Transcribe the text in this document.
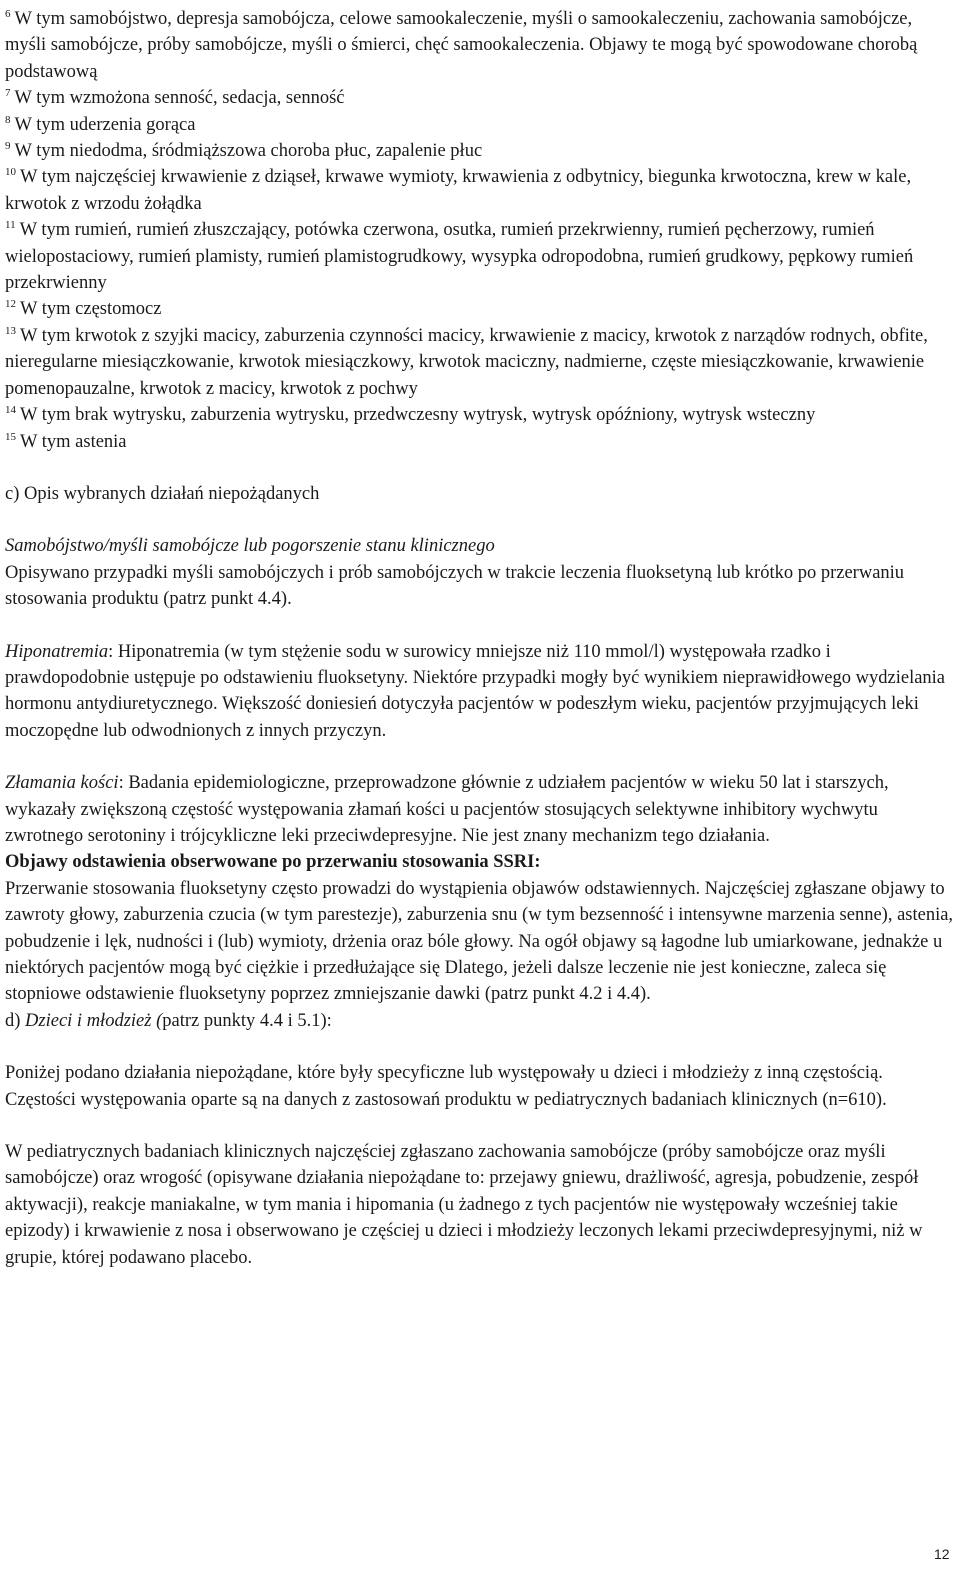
$^6$ W tym samobójstwo, depresja samobójcza, celowe samookaleczenie, myśli o samookaleczeniu, zachowania samobójcze, myśli samobójcze, próby samobójcze, myśli o śmierci, chęć samookaleczenia. Objawy te mogą być spowodowane chorobą podstawową

$^7$ W tym wzmożona senność, sedacja, senność

$^8$ W tym uderzenia gorąca

$^9$ W tym niedodma, śródmiąższowa choroba płuc, zapalenie płuc

$^{10}$ W tym najczęściej krwawienie z dziąseł, krwawe wymioty, krwawienia z odbytnicy, biegunka krwotoczna, krew w kale, krwotok z wrzodu żołądka

$^{11}$ W tym rumień, rumień złuszczający, potówka czerwona, osutka, rumień przekrwienny, rumień pęcherzowy, rumień wielopostaciowy, rumień plamisty, rumień plamistogrudkowy, wysypka odropodobna, rumień grudkowy, pępkowy rumień przekrwienny

$^{12}$ W tym częstomocz

$^{13}$ W tym krwotok z szyjki macicy, zaburzenia czynności macicy, krwawienie z macicy, krwotok z narządów rodnych, obfite, nieregularne miesiączkowanie, krwotok miesiączkowy, krwotok maciczny, nadmierne, częste miesiączkowanie, krwawienie pomenopauzalne, krwotok z macicy, krwotok z pochwy

$^{14}$ W tym brak wytrysku, zaburzenia wytrysku, przedwczesny wytrysk, wytrysk opóźniony, wytrysk wsteczny

$^{15}$ W tym astenia

c) Opis wybranych działań niepożądanych

Samobójstwo/myśli samobójcze lub pogorszenie stanu klinicznego

Opisywano przypadki myśli samobójczych i prób samobójczych w trakcie leczenia fluoksetyną lub krótko po przerwaniu stosowania produktu (patrz punkt 4.4).

Hiponatremia: Hiponatremia (w tym stężenie sodu w surowicy mniejsze niż 110 mmol/l) występowała rzadko i prawdopodobnie ustępuje po odstawieniu fluoksetyny. Niektóre przypadki mogły być wynikiem nieprawidłowego wydzielania hormonu antydiuretycznego. Większość doniesień dotyczyła pacjentów w podeszłym wieku, pacjentów przyjmujących leki moczopędne lub odwodnionych z innych przyczyn.

Złamania kości: Badania epidemiologiczne, przeprowadzone głównie z udziałem pacjentów w wieku 50 lat i starszych, wykazały zwiększoną częstość występowania złamań kości u pacjentów stosujących selektywne inhibitory wychwytu zwrotnego serotoniny i trójcykliczne leki przeciwdepresyjne. Nie jest znany mechanizm tego działania.

Objawy odstawienia obserwowane po przerwaniu stosowania SSRI:

Przerwanie stosowania fluoksetyny często prowadzi do wystąpienia objawów odstawiennych. Najczęściej zgłaszane objawy to zawroty głowy, zaburzenia czucia (w tym parestezje), zaburzenia snu (w tym bezsenność i intensywne marzenia senne), astenia, pobudzenie i lęk, nudności i (lub) wymioty, drżenia oraz bóle głowy. Na ogół objawy są łagodne lub umiarkowane, jednakże u niektórych pacjentów mogą być ciężkie i przedłużające się Dlatego, jeżeli dalsze leczenie nie jest konieczne, zaleca się stopniowe odstawienie fluoksetyny poprzez zmniejszanie dawki (patrz punkt 4.2 i 4.4).

d) Dzieci i młodzież (patrz punkty 4.4 i 5.1):

Poniżej podano działania niepożądane, które były specyficzne lub występowały u dzieci i młodzieży z inną częstością. Częstości występowania oparte są na danych z zastosowań produktu w pediatrycznych badaniach klinicznych (n=610).

W pediatrycznych badaniach klinicznych najczęściej zgłaszano zachowania samobójcze (próby samobójcze oraz myśli samobójcze) oraz wrogość (opisywane działania niepożądane to: przejawy gniewu, drażliwość, agresja, pobudzenie, zespół aktywacji), reakcje maniakalne, w tym mania i hipomania (u żadnego z tych pacjentów nie występowały wcześniej takie epizody) i krwawienie z nosa i obserwowano je częściej u dzieci i młodzieży leczonych lekami przeciwdepresyjnymi, niż w grupie, której podawano placebo.

12
